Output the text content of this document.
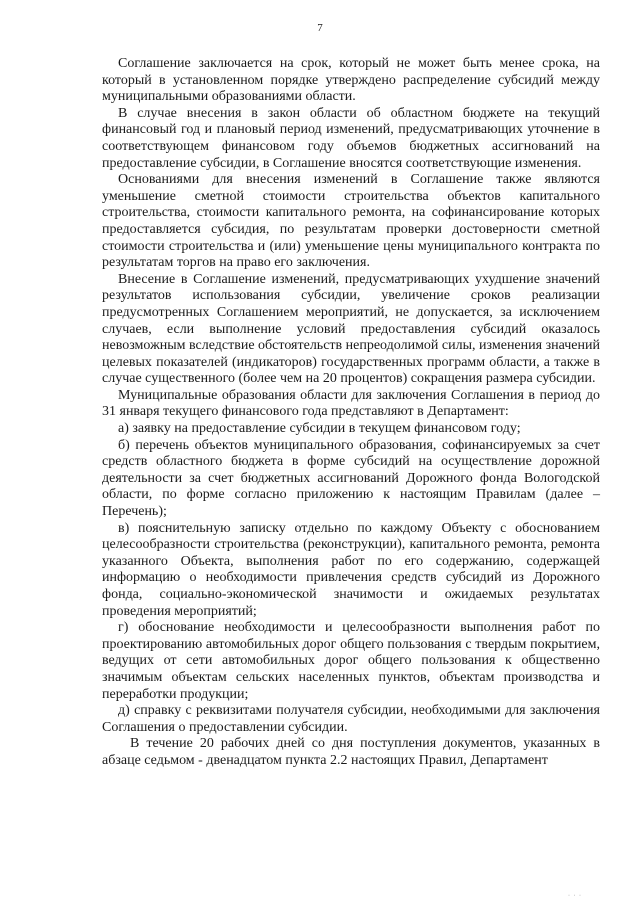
7

Соглашение заключается на срок, который не может быть менее срока, на который в установленном порядке утверждено распределение субсидий между муниципальными образованиями области.

В случае внесения в закон области об областном бюджете на текущий финансовый год и плановый период изменений, предусматривающих уточнение в соответствующем финансовом году объемов бюджетных ассигнований на предоставление субсидии, в Соглашение вносятся соответствующие изменения.

Основаниями для внесения изменений в Соглашение также являются уменьшение сметной стоимости строительства объектов капитального строительства, стоимости капитального ремонта, на софинансирование которых предоставляется субсидия, по результатам проверки достоверности сметной стоимости строительства и (или) уменьшение цены муниципального контракта по результатам торгов на право его заключения.

Внесение в Соглашение изменений, предусматривающих ухудшение значений результатов использования субсидии, увеличение сроков реализации предусмотренных Соглашением мероприятий, не допускается, за исключением случаев, если выполнение условий предоставления субсидий оказалось невозможным вследствие обстоятельств непреодолимой силы, изменения значений целевых показателей (индикаторов) государственных программ области, а также в случае существенного (более чем на 20 процентов) сокращения размера субсидии.

Муниципальные образования области для заключения Соглашения в период до 31 января текущего финансового года представляют в Департамент:

а) заявку на предоставление субсидии в текущем финансовом году;

б) перечень объектов муниципального образования, софинансируемых за счет средств областного бюджета в форме субсидий на осуществление дорожной деятельности за счет бюджетных ассигнований Дорожного фонда Вологодской области, по форме согласно приложению к настоящим Правилам (далее – Перечень);

в) пояснительную записку отдельно по каждому Объекту с обоснованием целесообразности строительства (реконструкции), капитального ремонта, ремонта указанного Объекта, выполнения работ по его содержанию, содержащей информацию о необходимости привлечения средств субсидий из Дорожного фонда, социально-экономической значимости и ожидаемых результатах проведения мероприятий;

г) обоснование необходимости и целесообразности выполнения работ по проектированию автомобильных дорог общего пользования с твердым покрытием, ведущих от сети автомобильных дорог общего пользования к общественно значимым объектам сельских населенных пунктов, объектам производства и переработки продукции;

д) справку с реквизитами получателя субсидии, необходимыми для заключения Соглашения о предоставлении субсидии.

В течение 20 рабочих дней со дня поступления документов, указанных в абзаце седьмом - двенадцатом пункта 2.2 настоящих Правил, Департамент

· · ·
